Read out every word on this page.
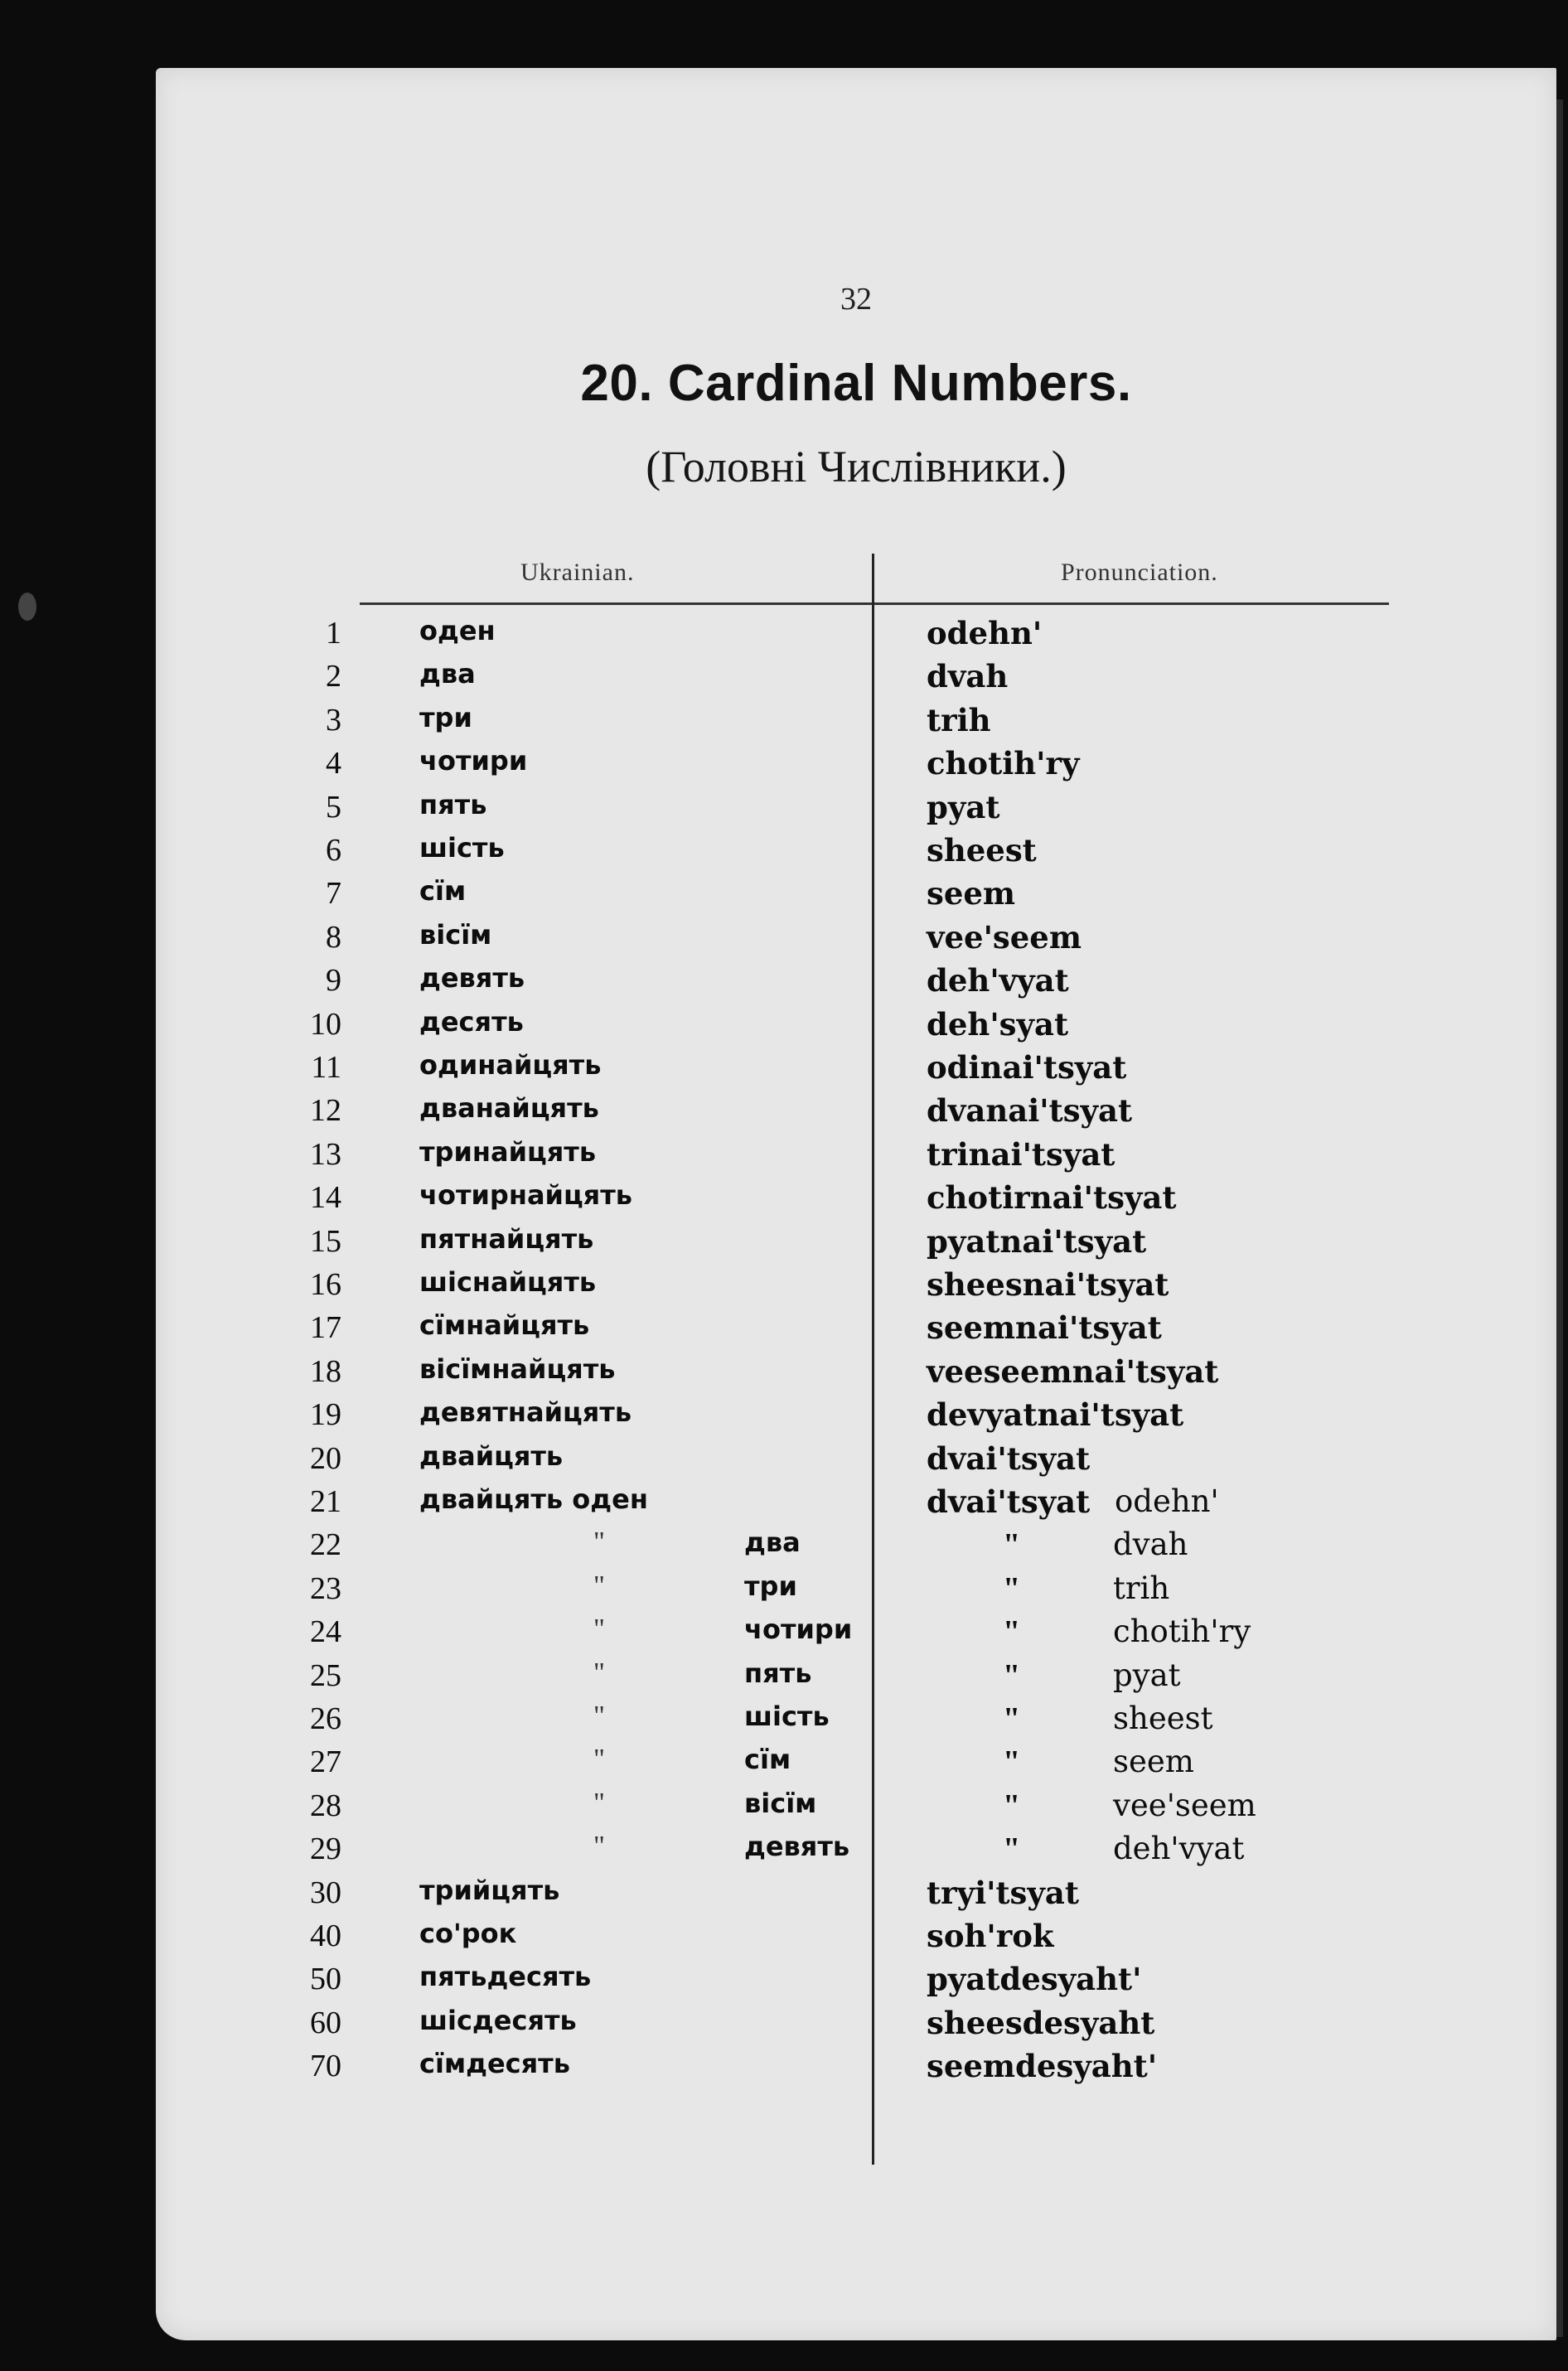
32
20. Cardinal Numbers.
(Головні Числівники.)
Ukrainian.	Pronunciation.
1	оден	odehn'
2	два	dvah
3	три	trih
4	чотири	chotih'ry
5	пять	pyat
6	шість	sheest
7	сїм	seem
8	вісїм	vee'seem
9	девять	deh'vyat
10	десять	deh'syat
11	одинайцять	odinai'tsyat
12	дванайцять	dvanai'tsyat
13	тринайцять	trinai'tsyat
14	чотирнайцять	chotirnai'tsyat
15	пятнайцять	pyatnai'tsyat
16	шіснайцять	sheesnai'tsyat
17	сїмнайцять	seemnai'tsyat
18	вісїмнайцять	veeseemnai'tsyat
19	девятнайцять	devyatnai'tsyat
20	двайцять	dvai'tsyat
21	двайцять оден	dvai'tsyat odehn'
22	"	два	"	dvah
23	"	три	"	trih
24	"	чотири	"	chotih'ry
25	"	пять	"	pyat
26	"	шість	"	sheest
27	"	сїм	"	seem
28	"	вісїм	"	vee'seem
29	"	девять	"	deh'vyat
30	трийцять	tryi'tsyat
40	со'рок	soh'rok
50	пятьдесять	pyatdesyaht'
60	шісдесять	sheesdesyaht
70	сїмдесять	seemdesyaht'
